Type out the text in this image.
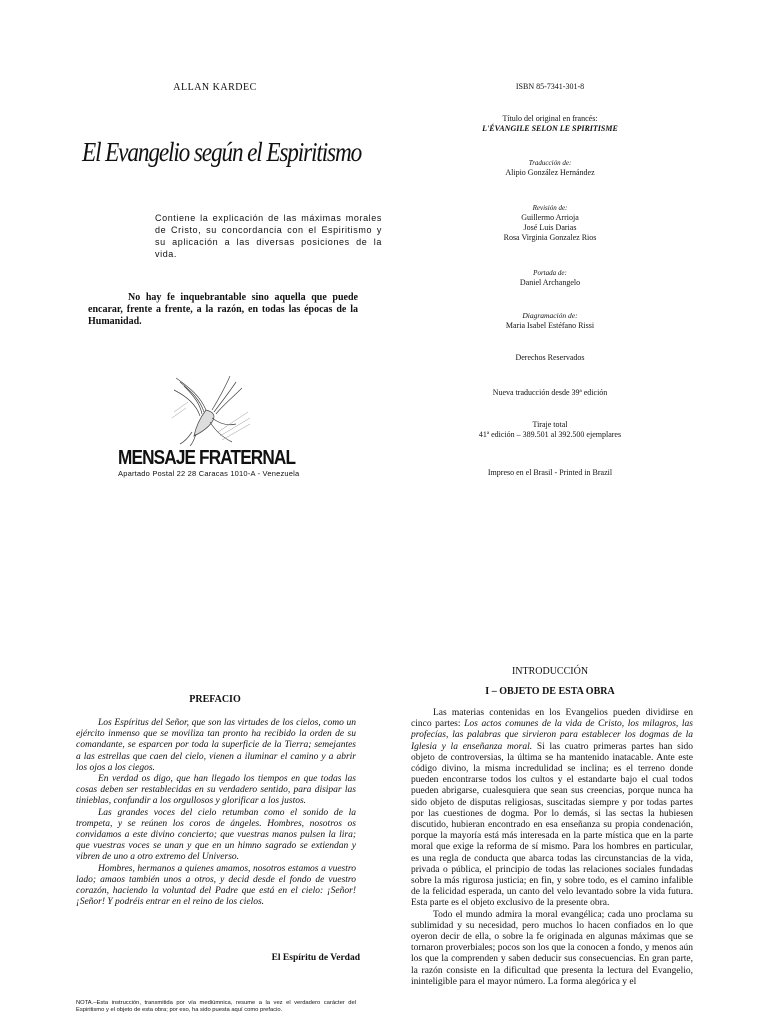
ALLAN KARDEC
El Evangelio según el Espiritismo
Contiene la explicación de las máximas morales de Cristo, su concordancia con el Espiritismo y su aplicación a las diversas posiciones de la vida.
No hay fe inquebrantable sino aquella que puede encarar, frente a frente, a la razón, en todas las épocas de la Humanidad.
MENSAJE FRATERNAL
Apartado Postal 22 28 Caracas 1010-A - Venezuela
ISBN 85-7341-301-8
Título del original en francés:
L'ÉVANGILE SELON LE SPIRITISME
Traducción de:
Alipio González Hernández
Revisión de:
Guillermo Arrioja
José Luis Darias
Rosa Virginia Gonzalez Rios
Portada de:
Daniel Archangelo
Diagramación de:
Maria Isabel Estéfano Rissi
Derechos Reservados
Nueva traducción desde 39ª edición
Tiraje total
41ª edición – 389.501 al 392.500 ejemplares
Impreso en el Brasil - Printed in Brazil
PREFACIO

Los Espíritus del Señor, que son las virtudes de los cielos, como un ejército inmenso que se moviliza tan pronto ha recibido la orden de su comandante, se esparcen por toda la superficie de la Tierra; semejantes a las estrellas que caen del cielo, vienen a iluminar el camino y a abrir los ojos a los ciegos.

En verdad os digo, que han llegado los tiempos en que todas las cosas deben ser restablecidas en su verdadero sentido, para disipar las tinieblas, confundir a los orgullosos y glorificar a los justos.

Las grandes voces del cielo retumban como el sonido de la trompeta, y se reúnen los coros de ángeles. Hombres, nosotros os convidamos a este divino concierto; que vuestras manos pulsen la lira; que vuestras voces se unan y que en un himno sagrado se extiendan y vibren de uno a otro extremo del Universo.

Hombres, hermanos a quienes amamos, nosotros estamos a vuestro lado; amaos también unos a otros, y decid desde el fondo de vuestro corazón, haciendo la voluntad del Padre que está en el cielo: ¡Señor! ¡Señor! Y podréis entrar en el reino de los cielos.

El Espíritu de Verdad
NOTA.–Esta instrucción, transmitida por vía mediúmnica, resume a la vez el verdadero carácter del Espiritismo y el objeto de esta obra; por eso, ha sido puesta aquí como prefacio.
INTRODUCCIÓN
I – OBJETO DE ESTA OBRA

Las materias contenidas en los Evangelios pueden dividirse en cinco partes: Los actos comunes de la vida de Cristo, los milagros, las profecías, las palabras que sirvieron para establecer los dogmas de la Iglesia y la enseñanza moral. Si las cuatro primeras partes han sido objeto de controversias, la última se ha mantenido inatacable. Ante este código divino, la misma incredulidad se inclina; es el terreno donde pueden encontrarse todos los cultos y el estandarte bajo el cual todos pueden abrigarse, cualesquiera que sean sus creencias, porque nunca ha sido objeto de disputas religiosas, suscitadas siempre y por todas partes por las cuestiones de dogma. Por lo demás, si las sectas la hubiesen discutido, hubieran encontrado en esa enseñanza su propia condenación, porque la mayoría está más interesada en la parte mística que en la parte moral que exige la reforma de sí mismo. Para los hombres en particular, es una regla de conducta que abarca todas las circunstancias de la vida, privada o pública, el principio de todas las relaciones sociales fundadas sobre la más rigurosa justicia; en fin, y sobre todo, es el camino infalible de la felicidad esperada, un canto del velo levantado sobre la vida futura. Esta parte es el objeto exclusivo de la presente obra.

Todo el mundo admira la moral evangélica; cada uno proclama su sublimidad y su necesidad, pero muchos lo hacen confiados en lo que oyeron decir de ella, o sobre la fe originada en algunas máximas que se tornaron proverbiales; pocos son los que la conocen a fondo, y menos aún los que la comprenden y saben deducir sus consecuencias. En gran parte, la razón consiste en la dificultad que presenta la lectura del Evangelio, ininteligible para el mayor número. La forma alegórica y el
